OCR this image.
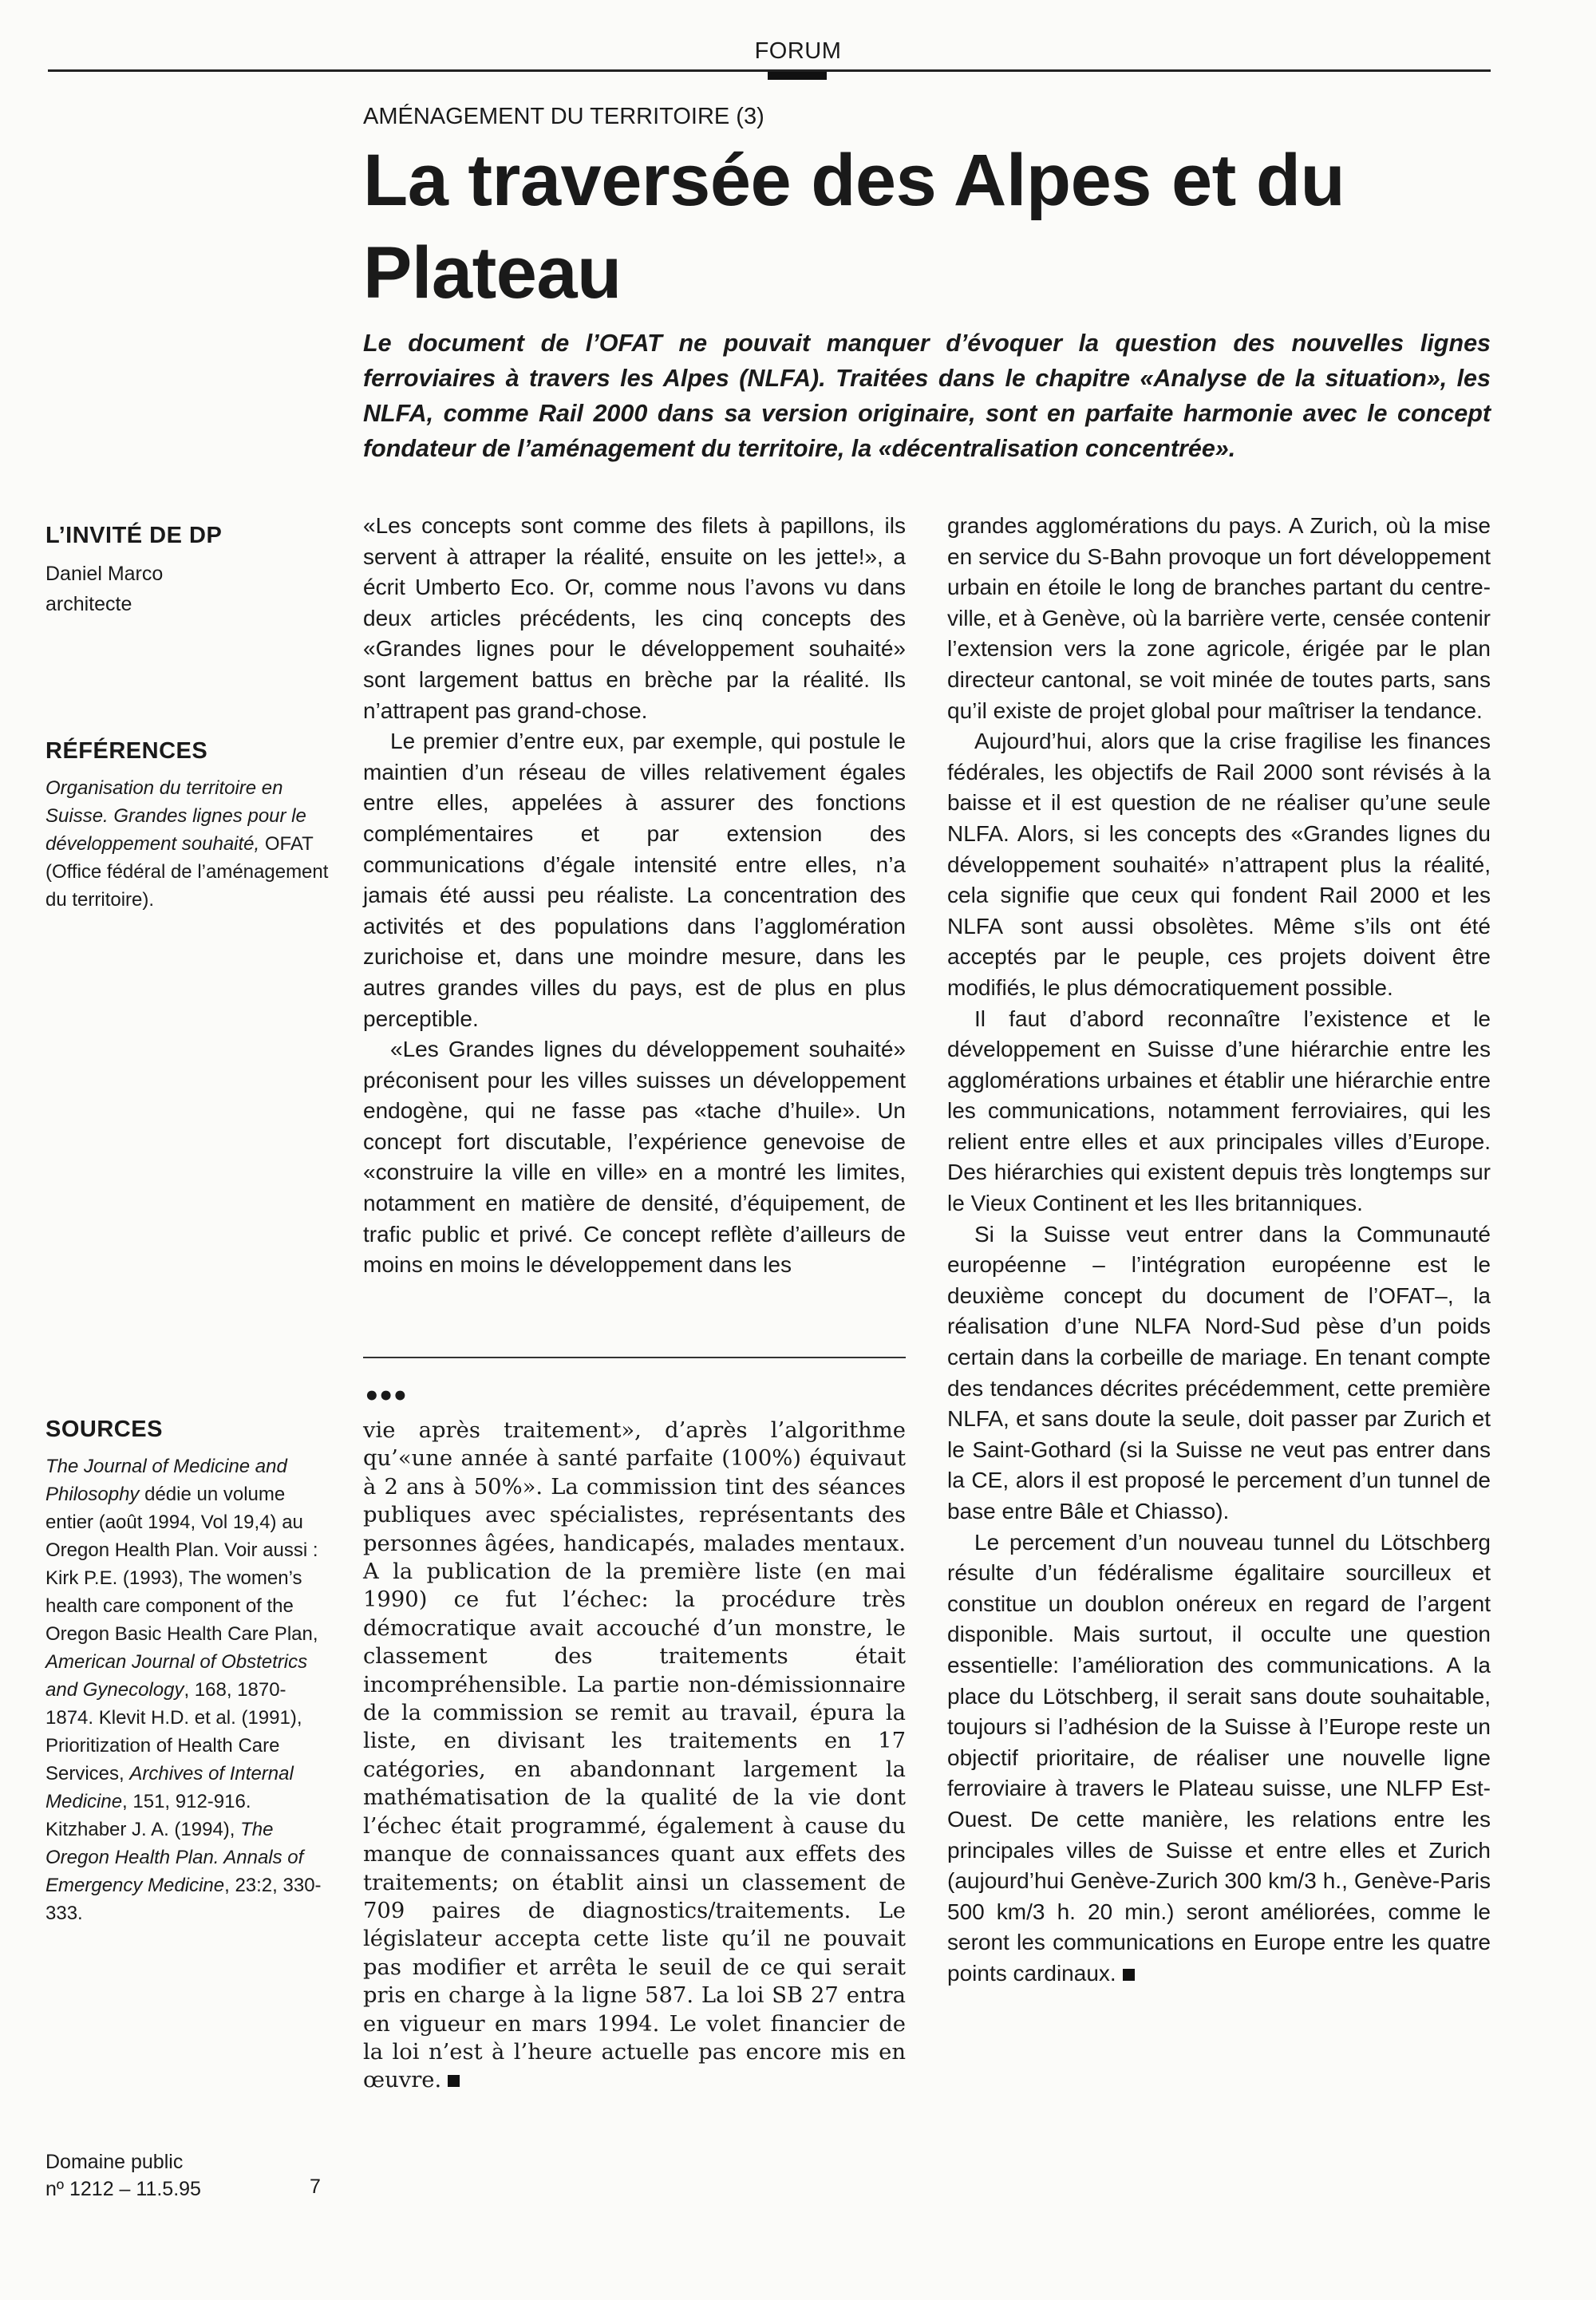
FORUM
AMÉNAGEMENT DU TERRITOIRE (3)
La traversée des Alpes et du Plateau

Le document de l’OFAT ne pouvait manquer d’évoquer la question des nouvelles lignes ferroviaires à travers les Alpes (NLFA). Traitées dans le chapitre «Analyse de la situation», les NLFA, comme Rail 2000 dans sa version originaire, sont en parfaite harmonie avec le concept fondateur de l’aménagement du territoire, la «décentralisation concentrée».

L’INVITÉ DE DP
Daniel Marco
architecte
RÉFÉRENCES
Organisation du territoire en Suisse. Grandes lignes pour le développement souhaité, OFAT (Office fédéral de l’aménagement du territoire).
SOURCES
The Journal of Medicine and Philosophy dédie un volume entier (août 1994, Vol 19,4) au Oregon Health Plan. Voir aussi : Kirk P.E. (1993), The women’s health care component of the Oregon Basic Health Care Plan, American Journal of Obstetrics and Gynecology, 168, 1870-1874. Klevit H.D. et al. (1991), Prioritization of Health Care Services, Archives of Internal Medicine, 151, 912-916. Kitzhaber J. A. (1994), The Oregon Health Plan. Annals of Emergency Medicine, 23:2, 330-333.

«Les concepts sont comme des filets à papillons, ils servent à attraper la réalité, ensuite on les jette!», a écrit Umberto Eco. Or, comme nous l’avons vu dans deux articles précédents, les cinq concepts des «Grandes lignes pour le développement souhaité» sont largement battus en brèche par la réalité. Ils n’attrapent pas grand-chose.

Le premier d’entre eux, par exemple, qui postule le maintien d’un réseau de villes relativement égales entre elles, appelées à assurer des fonctions complémentaires et par extension des communications d’égale intensité entre elles, n’a jamais été aussi peu réaliste. La concentration des activités et des populations dans l’agglomération zurichoise et, dans une moindre mesure, dans les autres grandes villes du pays, est de plus en plus perceptible.

«Les Grandes lignes du développement souhaité» préconisent pour les villes suisses un développement endogène, qui ne fasse pas «tache d’huile». Un concept fort discutable, l’expérience genevoise de «construire la ville en ville» en a montré les limites, notamment en matière de densité, d’équipement, de trafic public et privé. Ce concept reflète d’ailleurs de moins en moins le développement dans les

•••

vie après traitement», d’après l’algorithme qu’«une année à santé parfaite (100%) équivaut à 2 ans à 50%». La commission tint des séances publiques avec spécialistes, représentants des personnes âgées, handicapés, malades mentaux. A la publication de la première liste (en mai 1990) ce fut l’échec: la procédure très démocratique avait accouché d’un monstre, le classement des traitements était incompréhensible. La partie non-démissionnaire de la commission se remit au travail, épura la liste, en divisant les traitements en 17 catégories, en abandonnant largement la mathématisation de la qualité de la vie dont l’échec était programmé, également à cause du manque de connaissances quant aux effets des traitements; on établit ainsi un classement de 709 paires de diagnostics/traitements. Le législateur accepta cette liste qu’il ne pouvait pas modifier et arrêta le seuil de ce qui serait pris en charge à la ligne 587. La loi SB 27 entra en vigueur en mars 1994. Le volet financier de la loi n’est à l’heure actuelle pas encore mis en œuvre.

grandes agglomérations du pays. A Zurich, où la mise en service du S-Bahn provoque un fort développement urbain en étoile le long de branches partant du centre-ville, et à Genève, où la barrière verte, censée contenir l’extension vers la zone agricole, érigée par le plan directeur cantonal, se voit minée de toutes parts, sans qu’il existe de projet global pour maîtriser la tendance.

Aujourd’hui, alors que la crise fragilise les finances fédérales, les objectifs de Rail 2000 sont révisés à la baisse et il est question de ne réaliser qu’une seule NLFA. Alors, si les concepts des «Grandes lignes du développement souhaité» n’attrapent plus la réalité, cela signifie que ceux qui fondent Rail 2000 et les NLFA sont aussi obsolètes. Même s’ils ont été acceptés par le peuple, ces projets doivent être modifiés, le plus démocratiquement possible.

Il faut d’abord reconnaître l’existence et le développement en Suisse d’une hiérarchie entre les agglomérations urbaines et établir une hiérarchie entre les communications, notamment ferroviaires, qui les relient entre elles et aux principales villes d’Europe. Des hiérarchies qui existent depuis très longtemps sur le Vieux Continent et les Iles britanniques.

Si la Suisse veut entrer dans la Communauté européenne – l’intégration européenne est le deuxième concept du document de l’OFAT–, la réalisation d’une NLFA Nord-Sud pèse d’un poids certain dans la corbeille de mariage. En tenant compte des tendances décrites précédemment, cette première NLFA, et sans doute la seule, doit passer par Zurich et le Saint-Gothard (si la Suisse ne veut pas entrer dans la CE, alors il est proposé le percement d’un tunnel de base entre Bâle et Chiasso).

Le percement d’un nouveau tunnel du Lötschberg résulte d’un fédéralisme égalitaire sourcilleux et constitue un doublon onéreux en regard de l’argent disponible. Mais surtout, il occulte une question essentielle: l’amélioration des communications. A la place du Lötschberg, il serait sans doute souhaitable, toujours si l’adhésion de la Suisse à l’Europe reste un objectif prioritaire, de réaliser une nouvelle ligne ferroviaire à travers le Plateau suisse, une NLFP Est-Ouest. De cette manière, les relations entre les principales villes de Suisse et entre elles et Zurich (aujourd’hui Genève-Zurich 300 km/3 h., Genève-Paris 500 km/3 h. 20 min.) seront améliorées, comme le seront les communications en Europe entre les quatre points cardinaux.

Domaine public
nº 1212 – 11.5.95	7
